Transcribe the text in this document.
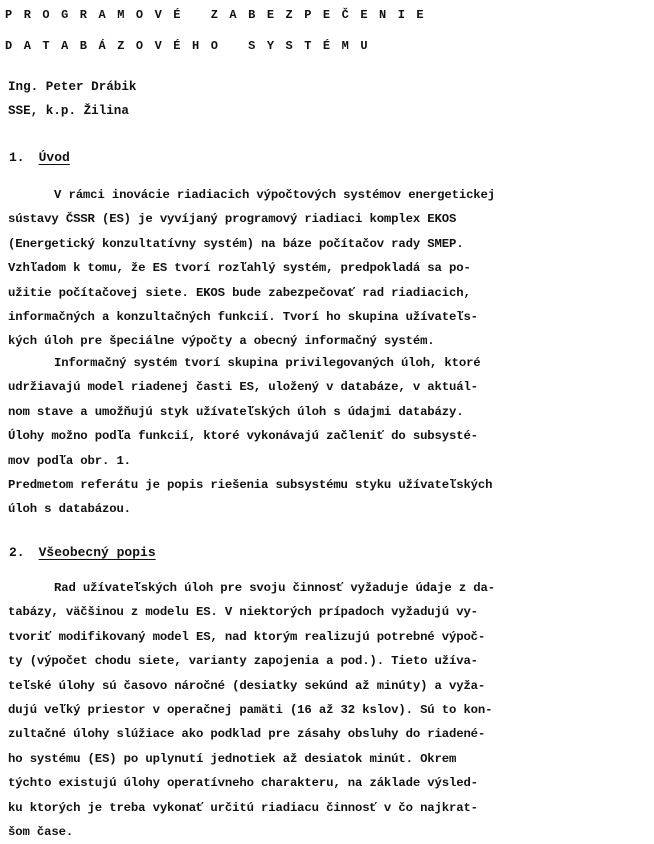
PROGRAMOVÉ ZABEZPEČENIE
DATABÁZOVÉHO SYSTÉMU
Ing. Peter Drábik
SSE, k.p. Žilina
1. Úvod
V rámci inovácie riadiacich výpočtových systémov energetickej
sústavy ČSSR (ES) je vyvíjaný programový riadiaci komplex EKOS
(Energetický konzultatívny systém) na báze počítačov rady SMEP.
Vzhľadom k tomu, že ES tvorí rozľahlý systém, predpokladá sa po-
užitie počítačovej siete. EKOS bude zabezpečovať rad riadiacich,
informačných a konzultačných funkcií. Tvorí ho skupina užívateľs-
kých úloh pre špeciálne výpočty a obecný informačný systém.
Informačný systém tvorí skupina privilegovaných úloh, ktoré
udržiavajú model riadenej časti ES, uložený v databáze, v aktuál-
nom stave a umožňujú styk užívateľských úloh s údajmi databázy.
Úlohy možno podľa funkcií, ktoré vykonávajú začleniť do subsysté-
mov podľa obr. 1.
Predmetom referátu je popis riešenia subsystému styku užívateľských
úloh s databázou.
2. Všeobecný popis
Rad užívateľských úloh pre svoju činnosť vyžaduje údaje z da-
tabázy, väčšinou z modelu ES. V niektorých prípadoch vyžadujú vy-
tvoriť modifikovaný model ES, nad ktorým realizujú potrebné výpoč-
ty (výpočet chodu siete, varianty zapojenia a pod.). Tieto užíva-
teľské úlohy sú časovo náročné (desiatky sekúnd až minúty) a vyža-
dujú veľký priestor v operačnej pamäti (16 až 32 kslov). Sú to kon-
zultačné úlohy slúžiace ako podklad pre zásahy obsluhy do riadené-
ho systému (ES) po uplynutí jednotiek až desiatok minút. Okrem
týchto existujú úlohy operatívneho charakteru, na základe výsled-
ku ktorých je treba vykonať určitú riadiacu činnosť v čo najkrat-
šom čase.
